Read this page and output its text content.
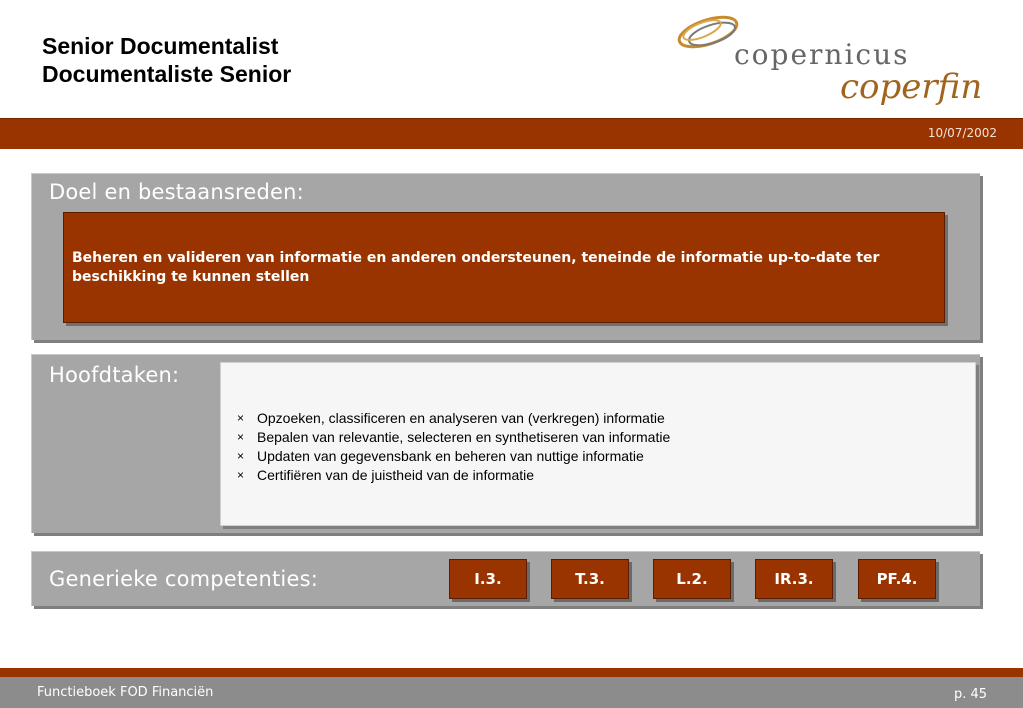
Senior Documentalist
Documentaliste Senior
copernicus
coperfin
10/07/2002
Doel en bestaansreden:
Beheren en valideren van informatie en anderen ondersteunen, teneinde de informatie up-to-date ter beschikking te kunnen stellen
Hoofdtaken:
× Opzoeken, classificeren en analyseren van (verkregen) informatie
× Bepalen van relevantie, selecteren en synthetiseren van informatie
× Updaten van gegevensbank en beheren van nuttige informatie
× Certifiëren van de juistheid van de informatie
Generieke competenties:	I.3.	T.3.	L.2.	IR.3.	PF.4.
Functieboek FOD Financiën	p. 45
